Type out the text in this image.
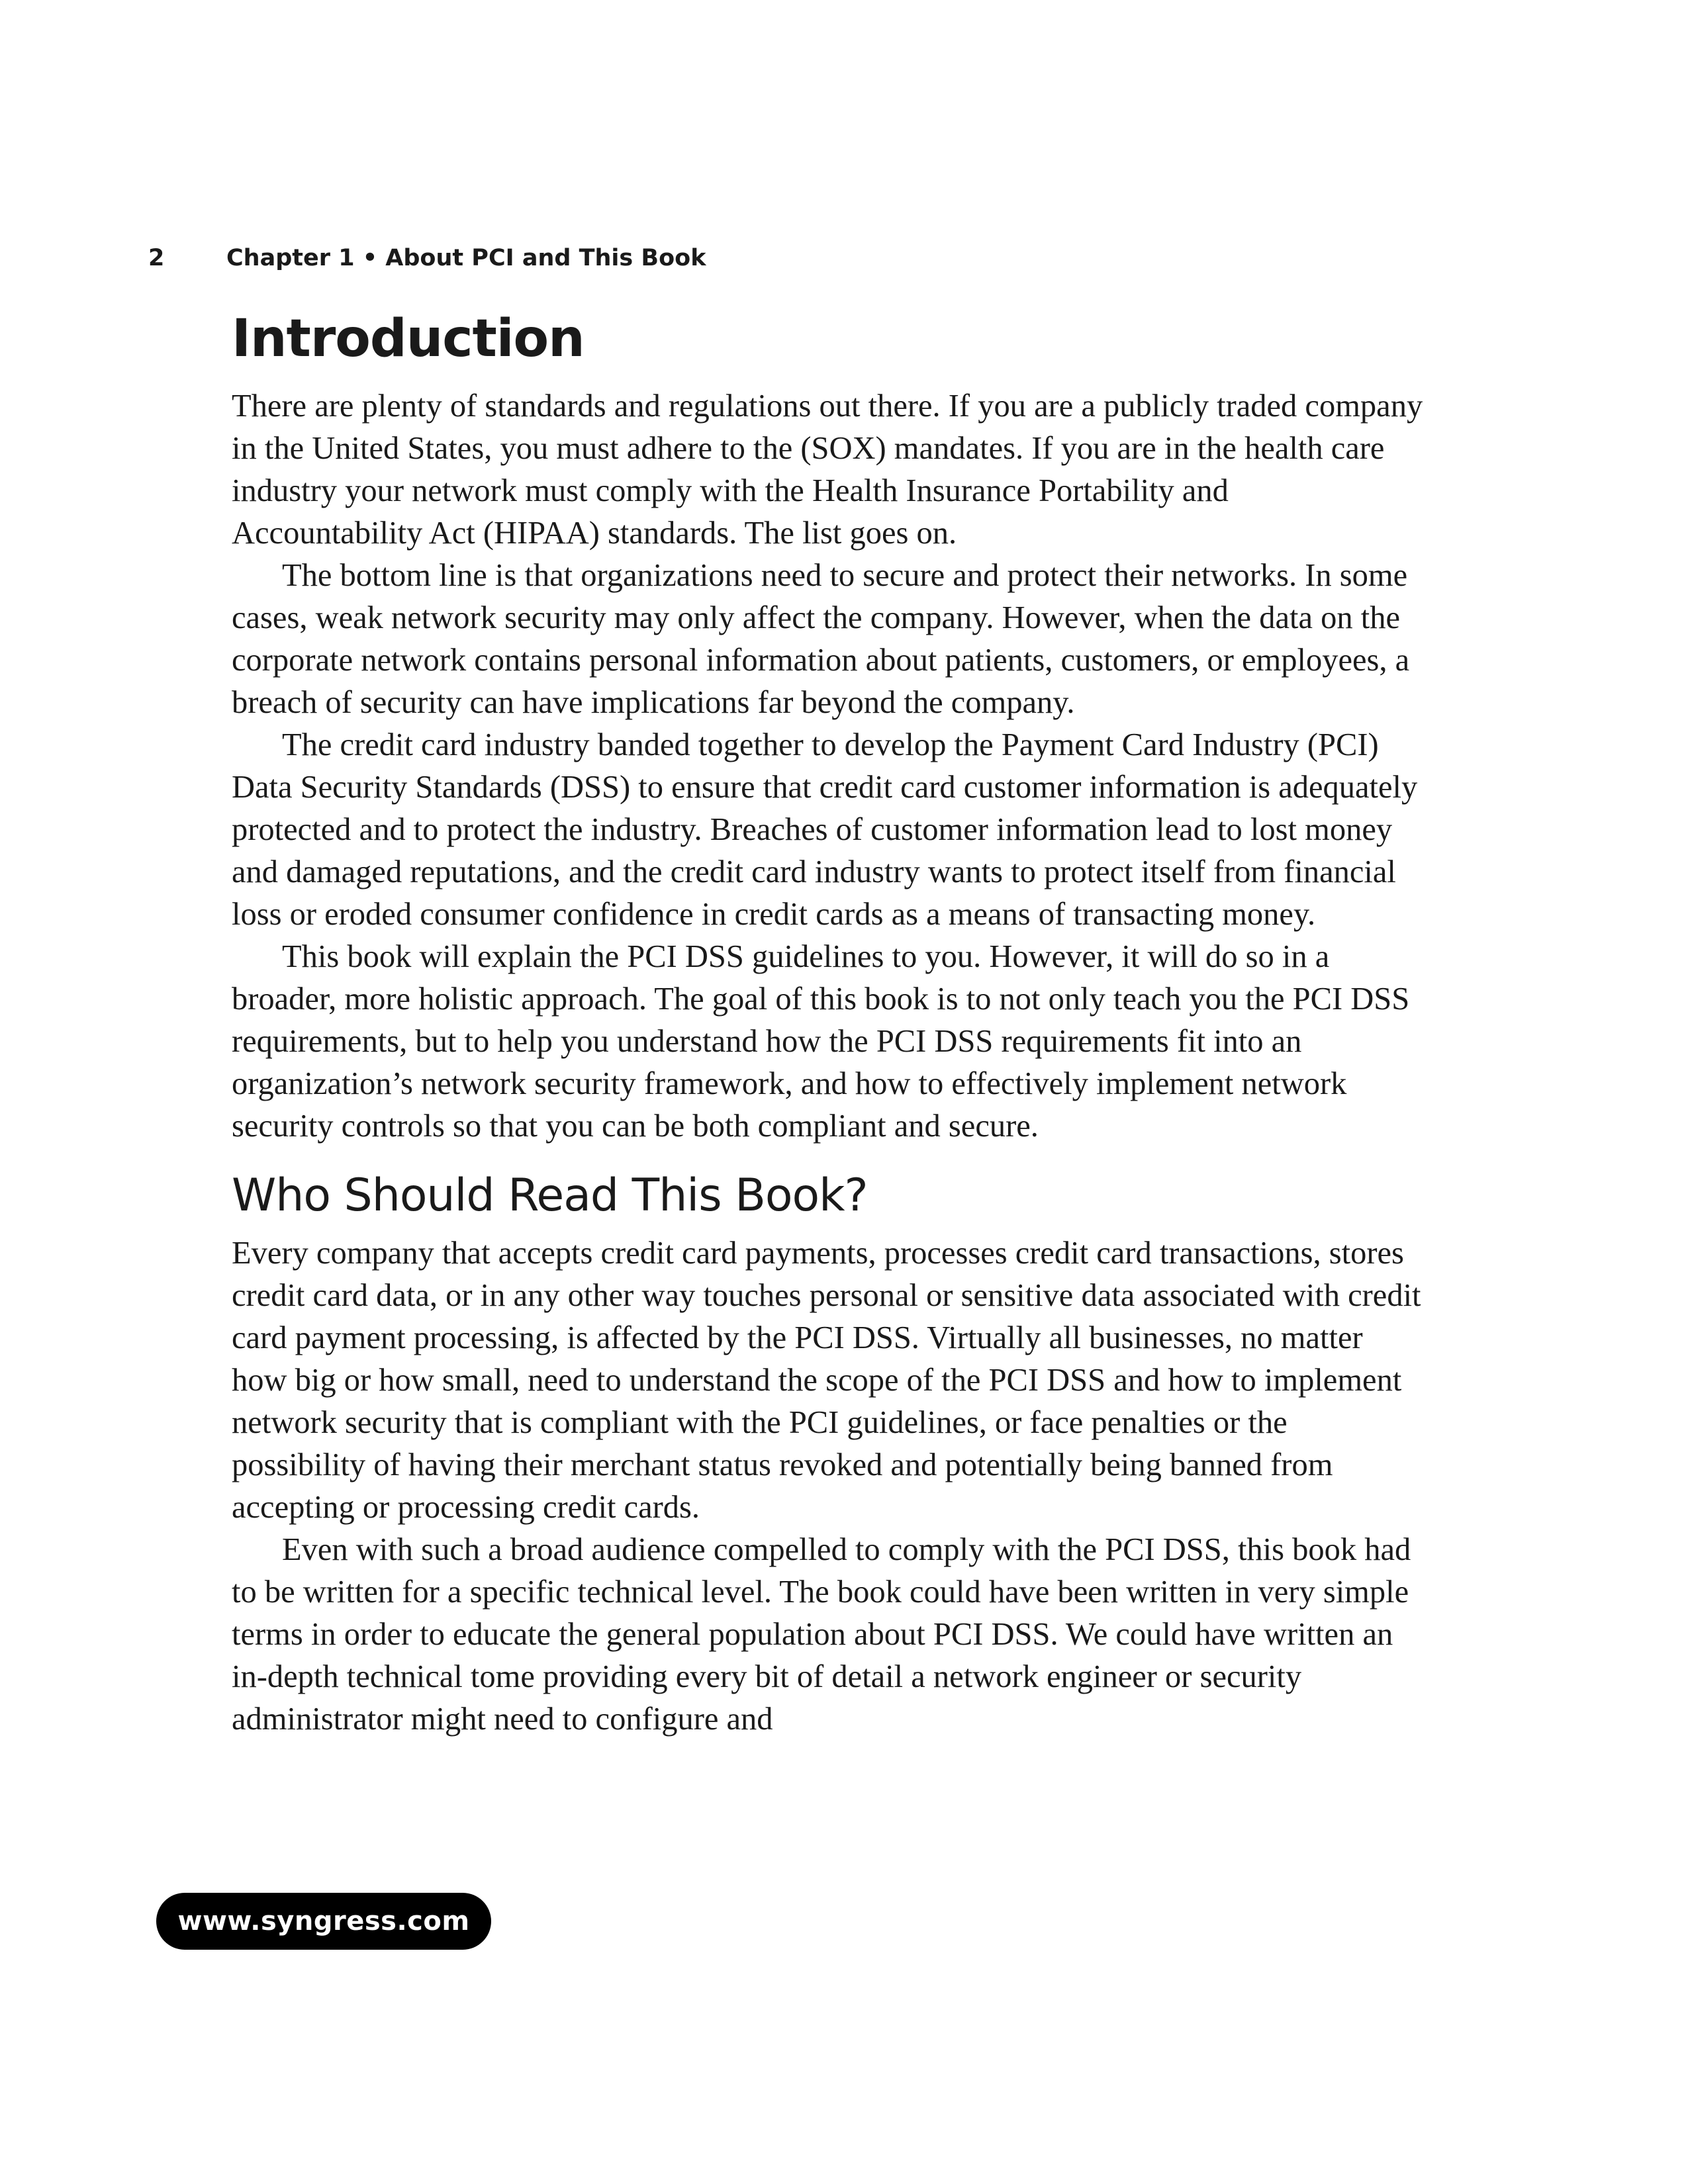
2	Chapter 1 • About PCI and This Book
Introduction

There are plenty of standards and regulations out there. If you are a publicly traded company in the United States, you must adhere to the (SOX) mandates. If you are in the health care industry your network must comply with the Health Insurance Portability and Accountability Act (HIPAA) standards. The list goes on.

The bottom line is that organizations need to secure and protect their networks. In some cases, weak network security may only affect the company. However, when the data on the corporate network contains personal information about patients, customers, or employees, a breach of security can have implications far beyond the company.

The credit card industry banded together to develop the Payment Card Industry (PCI) Data Security Standards (DSS) to ensure that credit card customer information is adequately protected and to protect the industry. Breaches of customer information lead to lost money and damaged reputations, and the credit card industry wants to protect itself from financial loss or eroded consumer confidence in credit cards as a means of transacting money.

This book will explain the PCI DSS guidelines to you. However, it will do so in a broader, more holistic approach. The goal of this book is to not only teach you the PCI DSS requirements, but to help you understand how the PCI DSS requirements fit into an organization’s network security framework, and how to effectively implement network security controls so that you can be both compliant and secure.

Who Should Read This Book?

Every company that accepts credit card payments, processes credit card transactions, stores credit card data, or in any other way touches personal or sensitive data associated with credit card payment processing, is affected by the PCI DSS. Virtually all businesses, no matter how big or how small, need to understand the scope of the PCI DSS and how to implement network security that is compliant with the PCI guidelines, or face penalties or the possibility of having their merchant status revoked and potentially being banned from accepting or processing credit cards.

Even with such a broad audience compelled to comply with the PCI DSS, this book had to be written for a specific technical level. The book could have been written in very simple terms in order to educate the general population about PCI DSS. We could have written an in-depth technical tome providing every bit of detail a network engineer or security administrator might need to configure and

www.syngress.com
